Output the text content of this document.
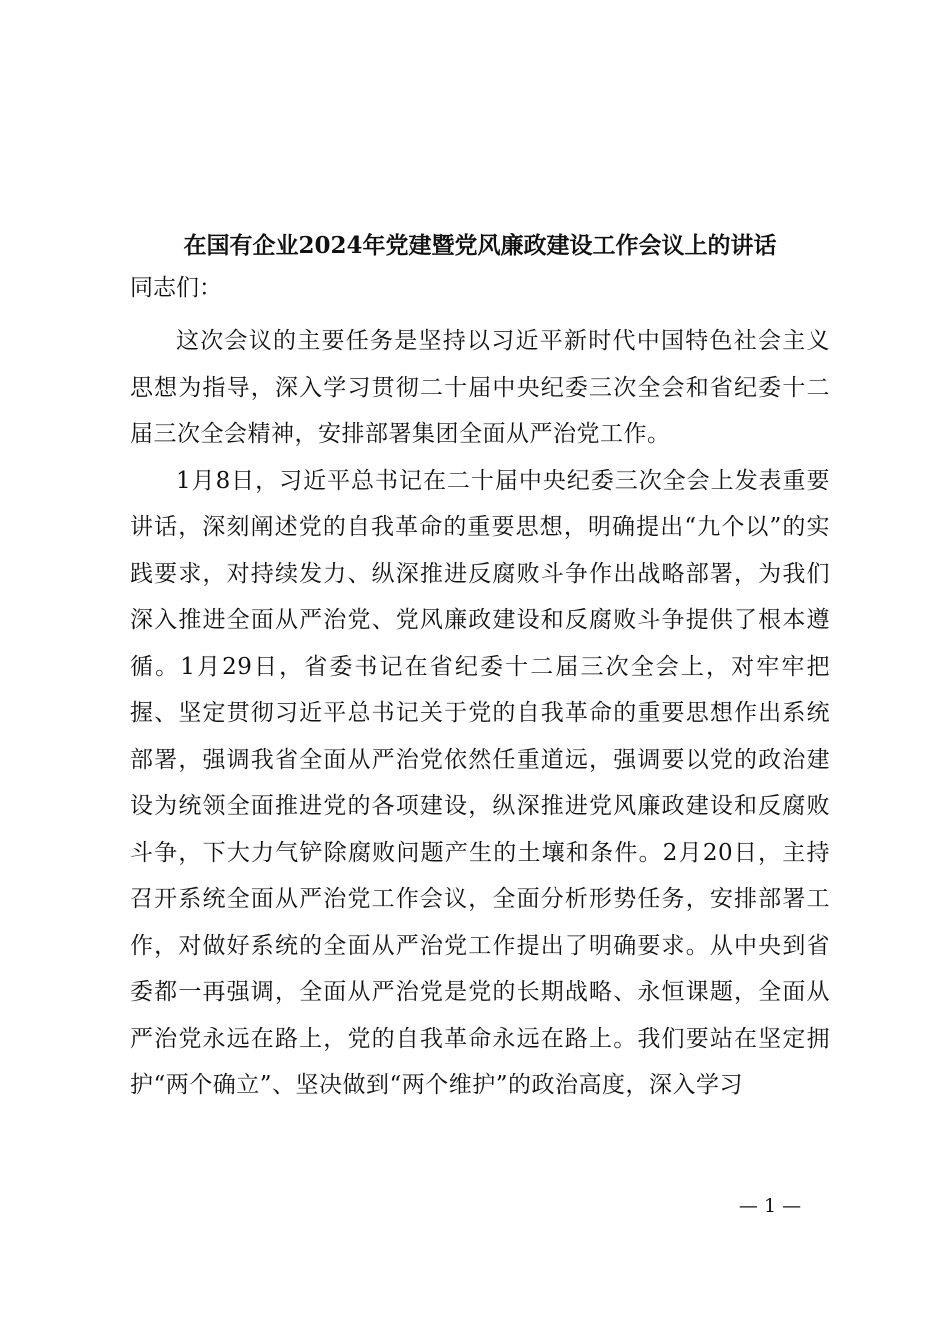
在国有企业2024年党建暨党风廉政建设工作会议上的讲话
同志们：

这次会议的主要任务是坚持以习近平新时代中国特色社会主义思想为指导，深入学习贯彻二十届中央纪委三次全会和省纪委十二届三次全会精神，安排部署集团全面从严治党工作。

1月8日，习近平总书记在二十届中央纪委三次全会上发表重要讲话，深刻阐述党的自我革命的重要思想，明确提出“九个以”的实践要求，对持续发力、纵深推进反腐败斗争作出战略部署，为我们深入推进全面从严治党、党风廉政建设和反腐败斗争提供了根本遵循。1月29日，省委书记在省纪委十二届三次全会上，对牢牢把握、坚定贯彻习近平总书记关于党的自我革命的重要思想作出系统部署，强调我省全面从严治党依然任重道远，强调要以党的政治建设为统领全面推进党的各项建设，纵深推进党风廉政建设和反腐败斗争，下大力气铲除腐败问题产生的土壤和条件。2月20日，主持召开系统全面从严治党工作会议，全面分析形势任务，安排部署工作，对做好系统的全面从严治党工作提出了明确要求。从中央到省委都一再强调，全面从严治党是党的长期战略、永恒课题，全面从严治党永远在路上，党的自我革命永远在路上。我们要站在坚定拥护“两个确立”、坚决做到“两个维护”的政治高度，深入学习

— 1 —
